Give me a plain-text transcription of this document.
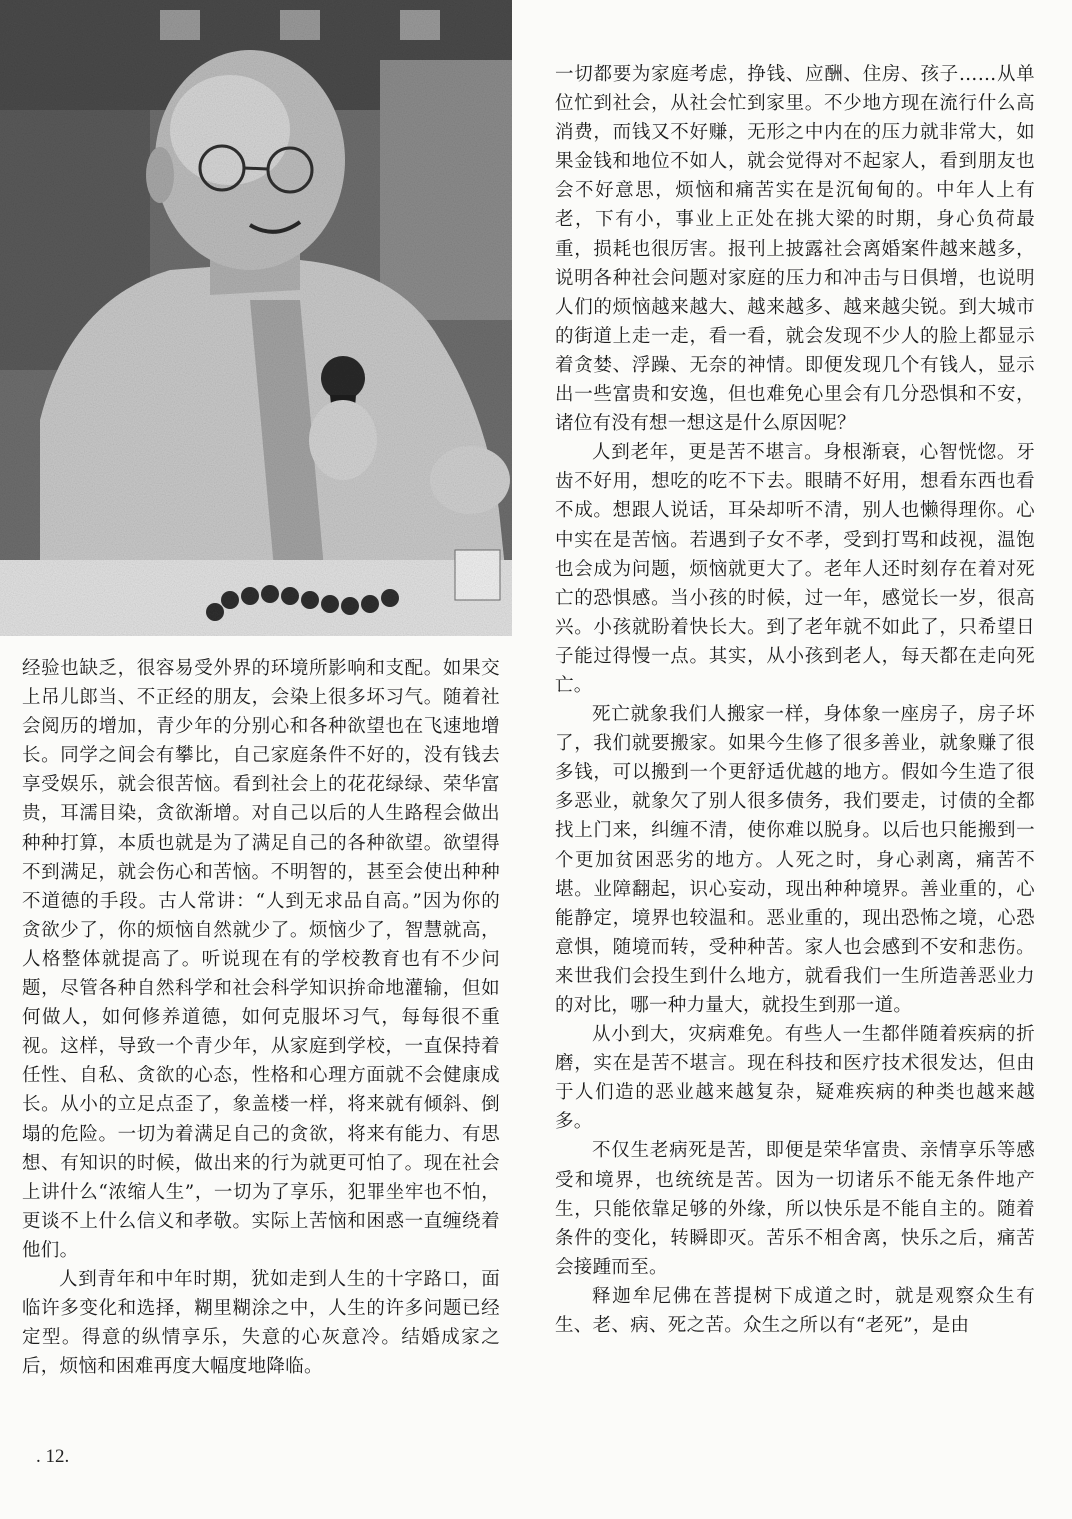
经验也缺乏，很容易受外界的环境所影响和支配。如果交上吊儿郎当、不正经的朋友，会染上很多坏习气。随着社会阅历的增加，青少年的分别心和各种欲望也在飞速地增长。同学之间会有攀比，自己家庭条件不好的，没有钱去享受娱乐，就会很苦恼。看到社会上的花花绿绿、荣华富贵，耳濡目染，贪欲渐增。对自己以后的人生路程会做出种种打算，本质也就是为了满足自己的各种欲望。欲望得不到满足，就会伤心和苦恼。不明智的，甚至会使出种种不道德的手段。古人常讲：“人到无求品自高。”因为你的贪欲少了，你的烦恼自然就少了。烦恼少了，智慧就高，人格整体就提高了。听说现在有的学校教育也有不少问题，尽管各种自然科学和社会科学知识拚命地灌输，但如何做人，如何修养道德，如何克服坏习气，每每很不重视。这样，导致一个青少年，从家庭到学校，一直保持着任性、自私、贪欲的心态，性格和心理方面就不会健康成长。从小的立足点歪了，象盖楼一样，将来就有倾斜、倒塌的危险。一切为着满足自己的贪欲，将来有能力、有思想、有知识的时候，做出来的行为就更可怕了。现在社会上讲什么“浓缩人生”，一切为了享乐，犯罪坐牢也不怕，更谈不上什么信义和孝敬。实际上苦恼和困惑一直缠绕着他们。

人到青年和中年时期，犹如走到人生的十字路口，面临许多变化和选择，糊里糊涂之中，人生的许多问题已经定型。得意的纵情享乐，失意的心灰意冷。结婚成家之后，烦恼和困难再度大幅度地降临。

一切都要为家庭考虑，挣钱、应酬、住房、孩子……从单位忙到社会，从社会忙到家里。不少地方现在流行什么高消费，而钱又不好赚，无形之中内在的压力就非常大，如果金钱和地位不如人，就会觉得对不起家人，看到朋友也会不好意思，烦恼和痛苦实在是沉甸甸的。中年人上有老，下有小，事业上正处在挑大梁的时期，身心负荷最重，损耗也很厉害。报刊上披露社会离婚案件越来越多，说明各种社会问题对家庭的压力和冲击与日俱增，也说明人们的烦恼越来越大、越来越多、越来越尖锐。到大城市的街道上走一走，看一看，就会发现不少人的脸上都显示着贪婪、浮躁、无奈的神情。即便发现几个有钱人，显示出一些富贵和安逸，但也难免心里会有几分恐惧和不安，诸位有没有想一想这是什么原因呢？

人到老年，更是苦不堪言。身根渐衰，心智恍惚。牙齿不好用，想吃的吃不下去。眼睛不好用，想看东西也看不成。想跟人说话，耳朵却听不清，别人也懒得理你。心中实在是苦恼。若遇到子女不孝，受到打骂和歧视，温饱也会成为问题，烦恼就更大了。老年人还时刻存在着对死亡的恐惧感。当小孩的时候，过一年，感觉长一岁，很高兴。小孩就盼着快长大。到了老年就不如此了，只希望日子能过得慢一点。其实，从小孩到老人，每天都在走向死亡。

死亡就象我们人搬家一样，身体象一座房子，房子坏了，我们就要搬家。如果今生修了很多善业，就象赚了很多钱，可以搬到一个更舒适优越的地方。假如今生造了很多恶业，就象欠了别人很多债务，我们要走，讨债的全都找上门来，纠缠不清，使你难以脱身。以后也只能搬到一个更加贫困恶劣的地方。人死之时，身心剥离，痛苦不堪。业障翻起，识心妄动，现出种种境界。善业重的，心能静定，境界也较温和。恶业重的，现出恐怖之境，心恐意惧，随境而转，受种种苦。家人也会感到不安和悲伤。来世我们会投生到什么地方，就看我们一生所造善恶业力的对比，哪一种力量大，就投生到那一道。

从小到大，灾病难免。有些人一生都伴随着疾病的折磨，实在是苦不堪言。现在科技和医疗技术很发达，但由于人们造的恶业越来越复杂，疑难疾病的种类也越来越多。

不仅生老病死是苦，即便是荣华富贵、亲情享乐等感受和境界，也统统是苦。因为一切诸乐不能无条件地产生，只能依靠足够的外缘，所以快乐是不能自主的。随着条件的变化，转瞬即灭。苦乐不相舍离，快乐之后，痛苦会接踵而至。

释迦牟尼佛在菩提树下成道之时，就是观察众生有生、老、病、死之苦。众生之所以有“老死”，是由

. 12.
